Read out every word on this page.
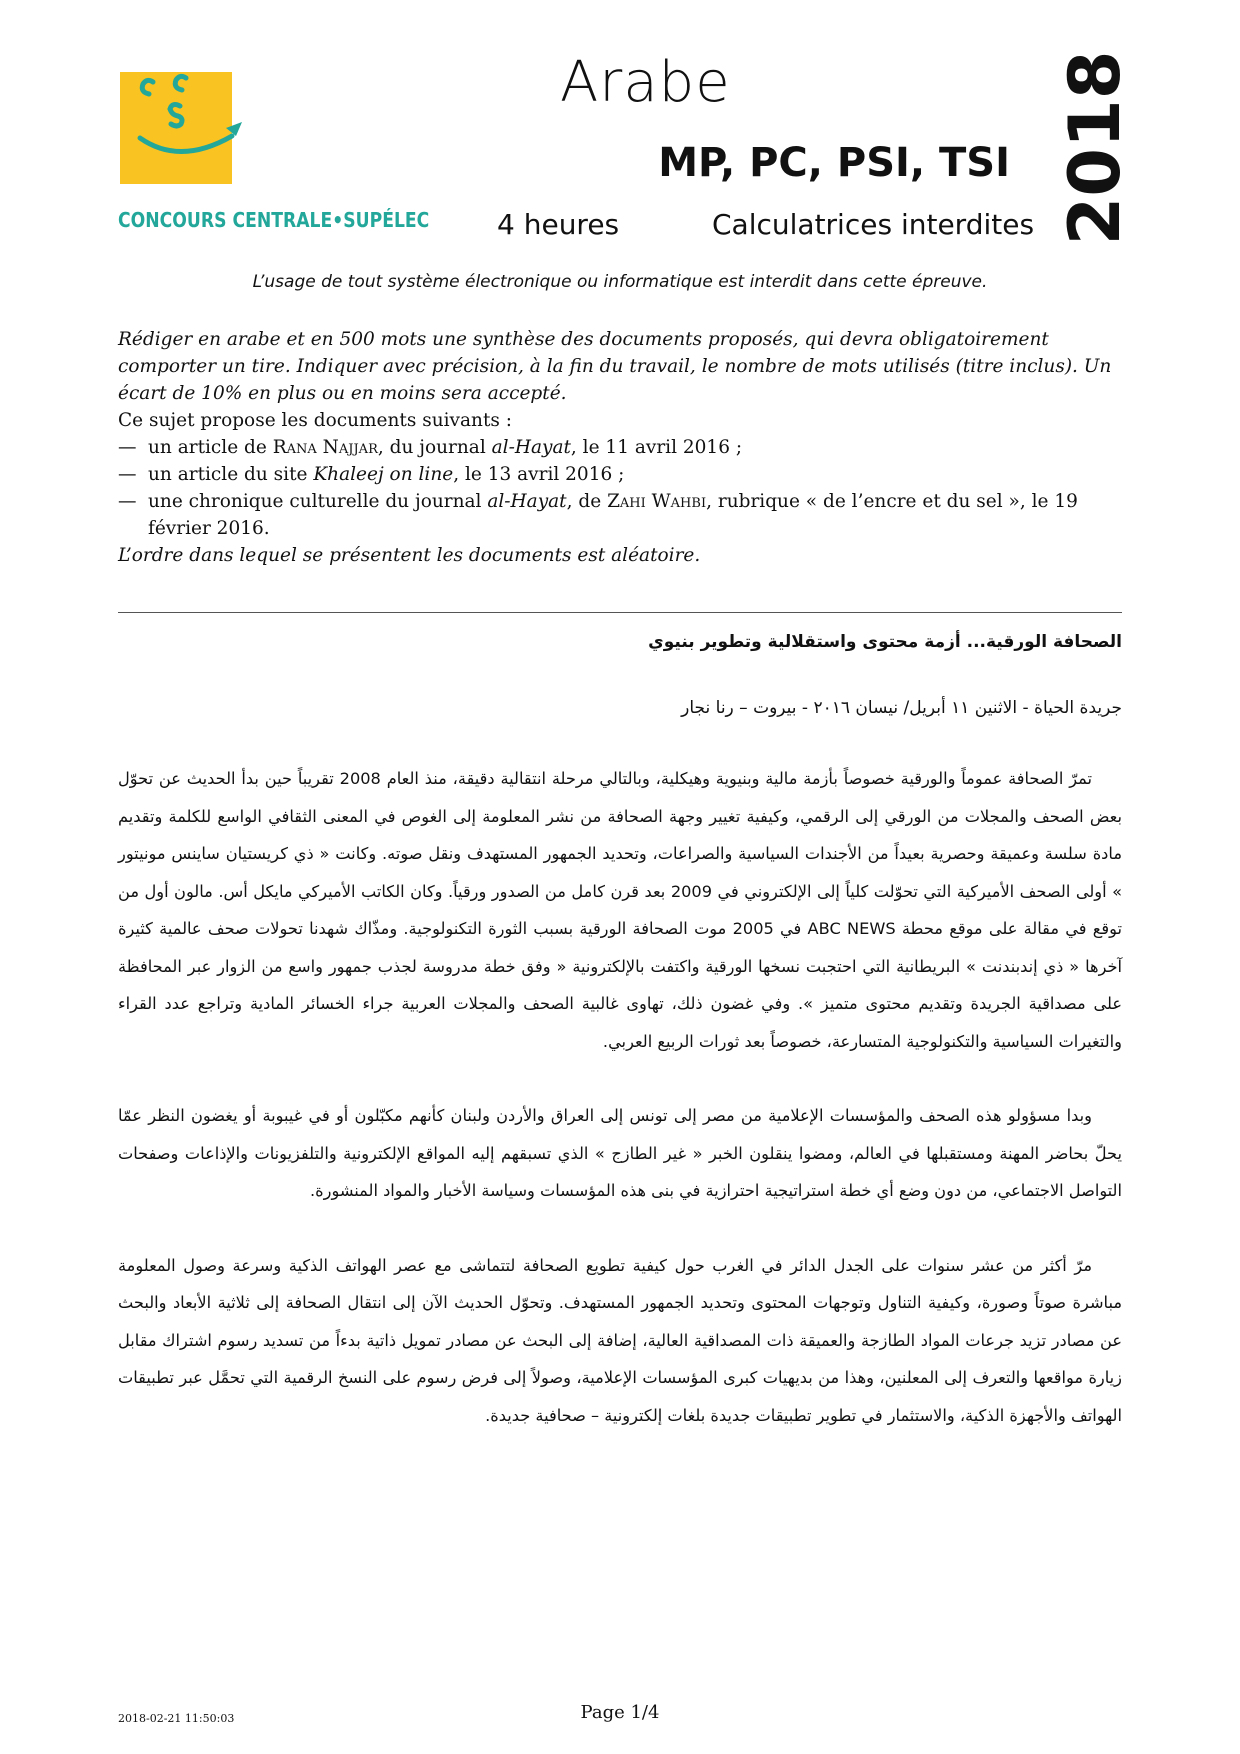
CONCOURS CENTRALE•SUPÉLEC
Arabe
MP, PC, PSI, TSI
4 heures	Calculatrices interdites 2018
L’usage de tout système électronique ou informatique est interdit dans cette épreuve.

Rédiger en arabe et en 500 mots une synthèse des documents proposés, qui devra obligatoirement comporter un tire. Indiquer avec précision, à la fin du travail, le nombre de mots utilisés (titre inclus). Un écart de 10% en plus ou en moins sera accepté.

Ce sujet propose les documents suivants :

— un article de Rana Najjar, du journal al-Hayat, le 11 avril 2016 ;
— un article du site Khaleej on line, le 13 avril 2016 ;
— une chronique culturelle du journal al-Hayat, de Zahi Wahbi, rubrique « de l’encre et du sel », le 19 février 2016.

L’ordre dans lequel se présentent les documents est aléatoire.

الصحافة الورقية... أزمة محتوى واستقلالية وتطوير بنيوي
جريدة الحياة - الاثنين ١١ أبريل/ نيسان ٢٠١٦ - بيروت – رنا نجار

تمرّ الصحافة عموماً والورقية خصوصاً بأزمة مالية وبنيوية وهيكلية، وبالتالي مرحلة انتقالية دقيقة، منذ العام 2008 تقريباً حين بدأ الحديث عن تحوّل بعض الصحف والمجلات من الورقي إلى الرقمي، وكيفية تغيير وجهة الصحافة من نشر المعلومة إلى الغوص في المعنى الثقافي الواسع للكلمة وتقديم مادة سلسة وعميقة وحصرية بعيداً من الأجندات السياسية والصراعات، وتحديد الجمهور المستهدف ونقل صوته. وكانت « ذي كريستيان ساينس مونيتور » أولى الصحف الأميركية التي تحوّلت كلياً إلى الإلكتروني في 2009 بعد قرن كامل من الصدور ورقياً. وكان الكاتب الأميركي مايكل أس. مالون أول من توقع في مقالة على موقع محطة ABC NEWS في 2005 موت الصحافة الورقية بسبب الثورة التكنولوجية. ومذّاك شهدنا تحولات صحف عالمية كثيرة آخرها « ذي إندبندنت » البريطانية التي احتجبت نسخها الورقية واكتفت بالإلكترونية « وفق خطة مدروسة لجذب جمهور واسع من الزوار عبر المحافظة على مصداقية الجريدة وتقديم محتوى متميز ». وفي غضون ذلك، تهاوى غالبية الصحف والمجلات العربية جراء الخسائر المادية وتراجع عدد القراء والتغيرات السياسية والتكنولوجية المتسارعة، خصوصاً بعد ثورات الربيع العربي.

وبدا مسؤولو هذه الصحف والمؤسسات الإعلامية من مصر إلى تونس إلى العراق والأردن ولبنان كأنهم مكبّلون أو في غيبوبة أو يغضون النظر عمّا يحلّ بحاضر المهنة ومستقبلها في العالم، ومضوا ينقلون الخبر « غير الطازج » الذي تسبقهم إليه المواقع الإلكترونية والتلفزيونات والإذاعات وصفحات التواصل الاجتماعي، من دون وضع أي خطة استراتيجية احترازية في بنى هذه المؤسسات وسياسة الأخبار والمواد المنشورة.

مرّ أكثر من عشر سنوات على الجدل الدائر في الغرب حول كيفية تطويع الصحافة لتتماشى مع عصر الهواتف الذكية وسرعة وصول المعلومة مباشرة صوتاً وصورة، وكيفية التناول وتوجهات المحتوى وتحديد الجمهور المستهدف. وتحوّل الحديث الآن إلى انتقال الصحافة إلى ثلاثية الأبعاد والبحث عن مصادر تزيد جرعات المواد الطازجة والعميقة ذات المصداقية العالية، إضافة إلى البحث عن مصادر تمويل ذاتية بدءاً من تسديد رسوم اشتراك مقابل زيارة مواقعها والتعرف إلى المعلنين، وهذا من بديهيات كبرى المؤسسات الإعلامية، وصولاً إلى فرض رسوم على النسخ الرقمية التي تحمَّل عبر تطبيقات الهواتف والأجهزة الذكية، والاستثمار في تطوير تطبيقات جديدة بلغات إلكترونية – صحافية جديدة.

2018-02-21 11:50:03	Page 1/4
